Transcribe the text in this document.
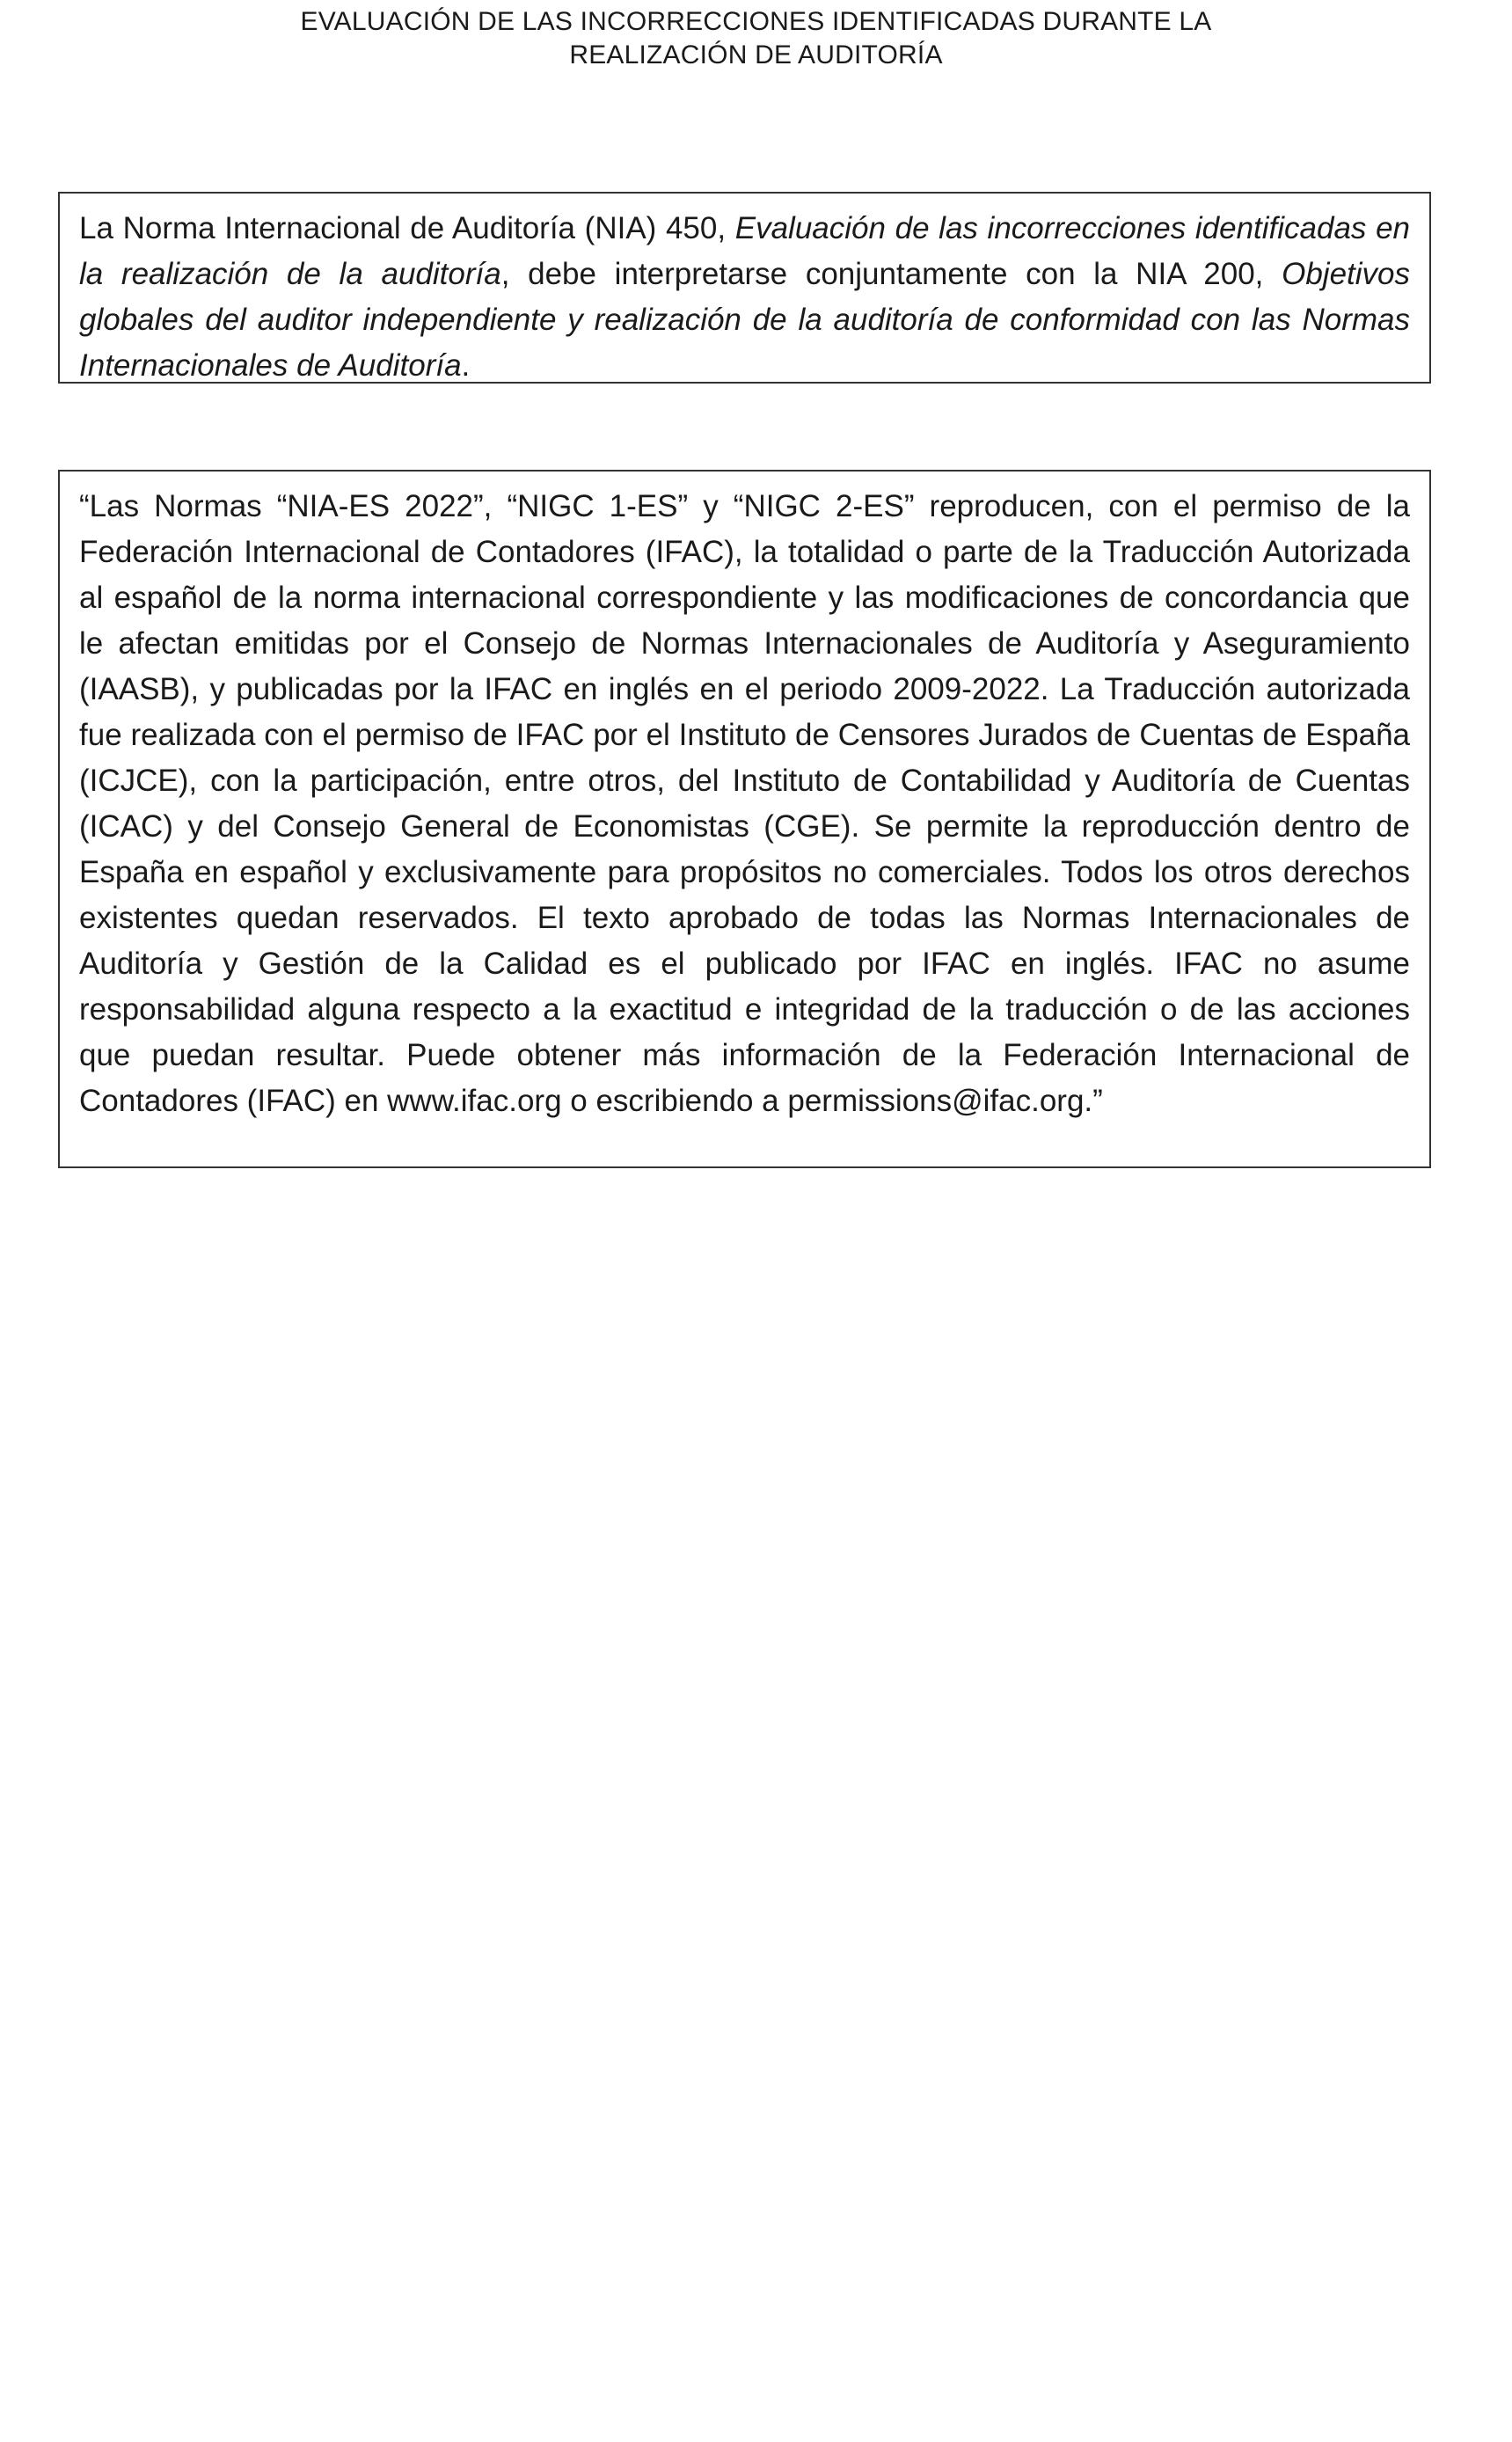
EVALUACIÓN DE LAS INCORRECCIONES IDENTIFICADAS DURANTE LA
REALIZACIÓN DE AUDITORÍA

La Norma Internacional de Auditoría (NIA) 450, Evaluación de las incorrecciones identificadas en la realización de la auditoría, debe interpretarse conjuntamente con la NIA 200, Objetivos globales del auditor independiente y realización de la auditoría de conformidad con las Normas Internacionales de Auditoría.

“Las Normas “NIA-ES 2022”, “NIGC 1-ES” y “NIGC 2-ES” reproducen, con el permiso de la Federación Internacional de Contadores (IFAC), la totalidad o parte de la Traducción Autorizada al español de la norma internacional correspondiente y las modificaciones de concordancia que le afectan emitidas por el Consejo de Normas Internacionales de Auditoría y Aseguramiento (IAASB), y publicadas por la IFAC en inglés en el periodo 2009-2022. La Traducción autorizada fue realizada con el permiso de IFAC por el Instituto de Censores Jurados de Cuentas de España (ICJCE), con la participación, entre otros, del Instituto de Contabilidad y Auditoría de Cuentas (ICAC) y del Consejo General de Economistas (CGE). Se permite la reproducción dentro de España en español y exclusivamente para propósitos no comerciales. Todos los otros derechos existentes quedan reservados. El texto aprobado de todas las Normas Internacionales de Auditoría y Gestión de la Calidad es el publicado por IFAC en inglés. IFAC no asume responsabilidad alguna respecto a la exactitud e integridad de la traducción o de las acciones que puedan resultar. Puede obtener más información de la Federación Internacional de Contadores (IFAC) en www.ifac.org o escribiendo a permissions@ifac.org.”
